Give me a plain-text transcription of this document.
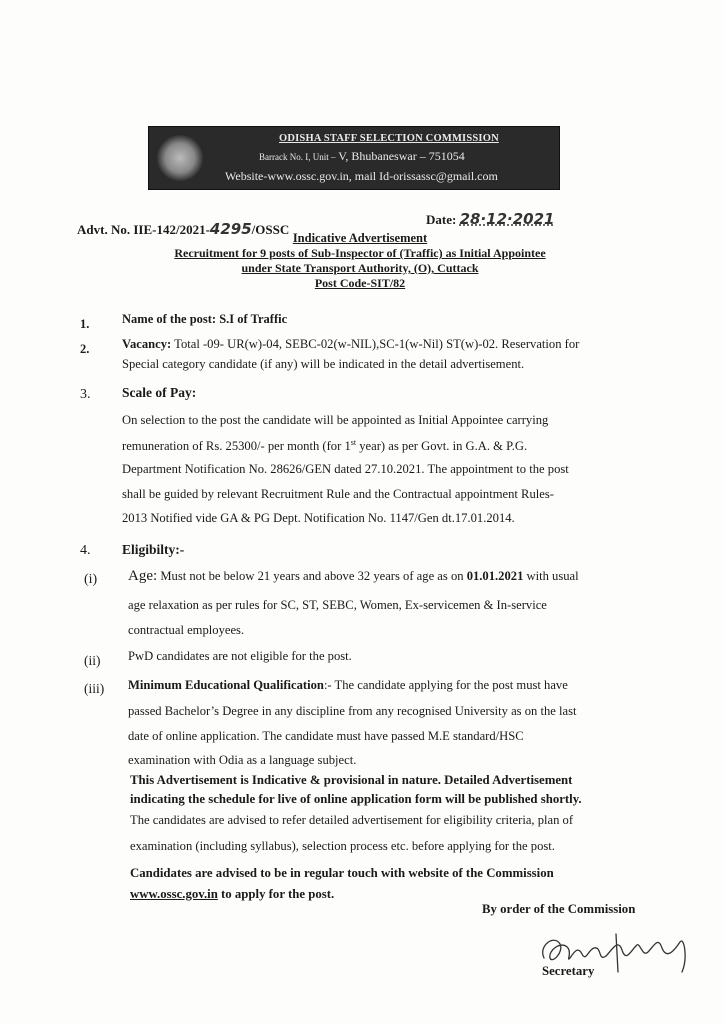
ODISHA STAFF SELECTION COMMISSION
Barrack No. I, Unit – V, Bhubaneswar – 751054
Website-www.ossc.gov.in, mail Id-orissassc@gmail.com
Advt. No. IIE-142/2021-4295/OSSC
Date: 28·12·2021
Indicative Advertisement
Recruitment for 9 posts of Sub-Inspector of (Traffic) as Initial Appointee
under State Transport Authority, (O), Cuttack
Post Code-SIT/82
1.	Name of the post: S.I of Traffic
2.	Vacancy: Total -09- UR(w)-04, SEBC-02(w-NIL),SC-1(w-Nil) ST(w)-02. Reservation for
Special category candidate (if any) will be indicated in the detail advertisement.
3. Scale of Pay:
On selection to the post the candidate will be appointed as Initial Appointee carrying
remuneration of Rs. 25300/- per month (for 1st year) as per Govt. in G.A. & P.G.
Department Notification No. 28626/GEN dated 27.10.2021. The appointment to the post
shall be guided by relevant Recruitment Rule and the Contractual appointment Rules-
2013 Notified vide GA & PG Dept. Notification No. 1147/Gen dt.17.01.2014.
4. Eligibilty:-
(i) Age: Must not be below 21 years and above 32 years of age as on 01.01.2021 with usual
age relaxation as per rules for SC, ST, SEBC, Women, Ex-servicemen & In-service
contractual employees.
(ii) PwD candidates are not eligible for the post.
(iii) Minimum Educational Qualification:- The candidate applying for the post must have
passed Bachelor’s Degree in any discipline from any recognised University as on the last
date of online application. The candidate must have passed M.E standard/HSC
examination with Odia as a language subject.
This Advertisement is Indicative & provisional in nature. Detailed Advertisement
indicating the schedule for live of online application form will be published shortly.
The candidates are advised to refer detailed advertisement for eligibility criteria, plan of
examination (including syllabus), selection process etc. before applying for the post.
Candidates are advised to be in regular touch with website of the Commission
www.ossc.gov.in to apply for the post.
By order of the Commission
Secretary
